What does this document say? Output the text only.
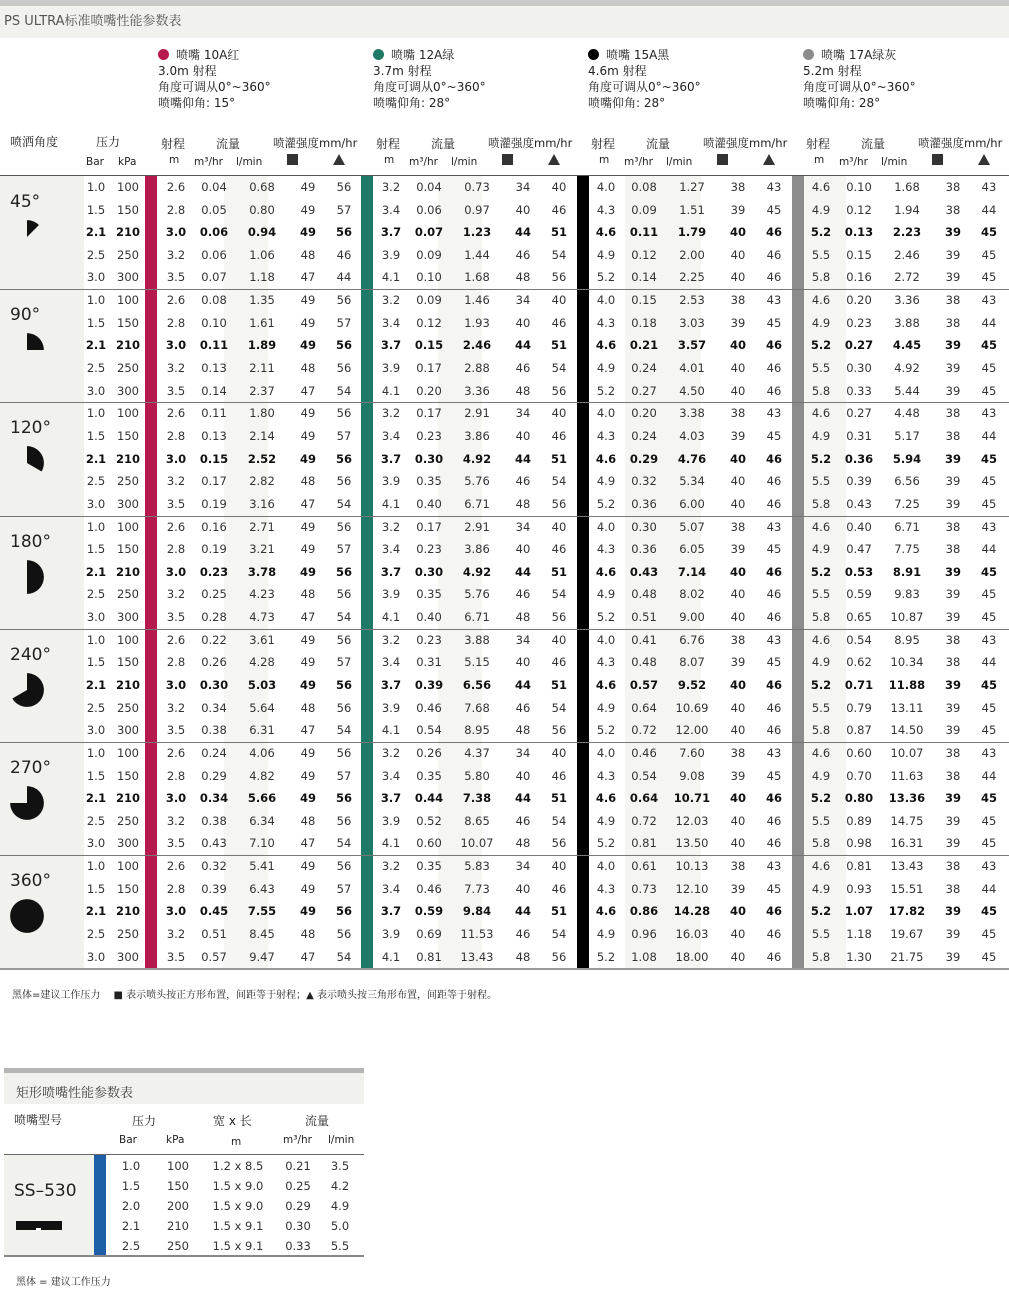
PS ULTRA标准喷嘴性能参数表
喷嘴 10A红
3.0m 射程
角度可调从0°~360°
喷嘴仰角: 15°
喷嘴 12A绿
3.7m 射程
角度可调从0°~360°
喷嘴仰角: 28°
喷嘴 15A黑
4.6m 射程
角度可调从0°~360°
喷嘴仰角: 28°
喷嘴 17A绿灰
5.2m 射程
角度可调从0°~360°
喷嘴仰角: 28°
喷洒角度	压力
Bar kPa
射程	流量	喷灌强度mm/hr
m m³/hr l/min
射程	流量	喷灌强度mm/hr
m m³/hr l/min
射程	流量	喷灌强度mm/hr
m m³/hr l/min
射程	流量	喷灌强度mm/hr
m m³/hr l/min
45°
1.0	100	2.6	0.04	0.68	49	56	3.2	0.04	0.73	34	40	4.0	0.08	1.27	38	43	4.6	0.10	1.68	38	43
1.5	150	2.8	0.05	0.80	49	57	3.4	0.06	0.97	40	46	4.3	0.09	1.51	39	45	4.9	0.12	1.94	38	44
2.1 210	3.0	0.06	0.94	49	56	3.7	0.07	1.23	44	51	4.6	0.11	1.79	40	46	5.2	0.13	2.23	39	45
2.5	250	3.2	0.06	1.06	48	46	3.9	0.09	1.44	46	54	4.9	0.12	2.00	40	46	5.5	0.15	2.46	39	45
3.0	300	3.5	0.07	1.18	47	44	4.1	0.10	1.68	48	56	5.2	0.14	2.25	40	46	5.8	0.16	2.72	39	45
90°
1.0	100	2.6	0.08	1.35	49	56	3.2	0.09	1.46	34	40	4.0	0.15	2.53	38	43	4.6	0.20	3.36	38	43
1.5	150	2.8	0.10	1.61	49	57	3.4	0.12	1.93	40	46	4.3	0.18	3.03	39	45	4.9	0.23	3.88	38	44
2.1 210	3.0	0.11	1.89	49	56	3.7	0.15	2.46	44	51	4.6	0.21	3.57	40	46	5.2	0.27	4.45	39	45
2.5	250	3.2	0.13	2.11	48	56	3.9	0.17	2.88	46	54	4.9	0.24	4.01	40	46	5.5	0.30	4.92	39	45
3.0	300	3.5	0.14	2.37	47	54	4.1	0.20	3.36	48	56	5.2	0.27	4.50	40	46	5.8	0.33	5.44	39	45
120°
1.0	100	2.6	0.11	1.80	49	56	3.2	0.17	2.91	34	40	4.0	0.20	3.38	38	43	4.6	0.27	4.48	38	43
1.5	150	2.8	0.13	2.14	49	57	3.4	0.23	3.86	40	46	4.3	0.24	4.03	39	45	4.9	0.31	5.17	38	44
2.1 210	3.0	0.15	2.52	49	56	3.7	0.30	4.92	44	51	4.6	0.29	4.76	40	46	5.2	0.36	5.94	39	45
2.5	250	3.2	0.17	2.82	48	56	3.9	0.35	5.76	46	54	4.9	0.32	5.34	40	46	5.5	0.39	6.56	39	45
3.0	300	3.5	0.19	3.16	47	54	4.1	0.40	6.71	48	56	5.2	0.36	6.00	40	46	5.8	0.43	7.25	39	45
180°
1.0	100	2.6	0.16	2.71	49	56	3.2	0.17	2.91	34	40	4.0	0.30	5.07	38	43	4.6	0.40	6.71	38	43
1.5	150	2.8	0.19	3.21	49	57	3.4	0.23	3.86	40	46	4.3	0.36	6.05	39	45	4.9	0.47	7.75	38	44
2.1 210	3.0	0.23	3.78	49	56	3.7	0.30	4.92	44	51	4.6	0.43	7.14	40	46	5.2	0.53	8.91	39	45
2.5	250	3.2	0.25	4.23	48	56	3.9	0.35	5.76	46	54	4.9	0.48	8.02	40	46	5.5	0.59	9.83	39	45
3.0	300	3.5	0.28	4.73	47	54	4.1	0.40	6.71	48	56	5.2	0.51	9.00	40	46	5.8	0.65	10.87	39	45
240°
1.0	100	2.6	0.22	3.61	49	56	3.2	0.23	3.88	34	40	4.0	0.41	6.76	38	43	4.6	0.54	8.95	38	43
1.5	150	2.8	0.26	4.28	49	57	3.4	0.31	5.15	40	46	4.3	0.48	8.07	39	45	4.9	0.62	10.34	38	44
2.1 210	3.0	0.30	5.03	49	56	3.7	0.39	6.56	44	51	4.6	0.57	9.52	40	46	5.2	0.71	11.88	39	45
2.5	250	3.2	0.34	5.64	48	56	3.9	0.46	7.68	46	54	4.9	0.64	10.69	40	46	5.5	0.79	13.11	39	45
3.0	300	3.5	0.38	6.31	47	54	4.1	0.54	8.95	48	56	5.2	0.72	12.00	40	46	5.8	0.87	14.50	39	45
270°
1.0	100	2.6	0.24	4.06	49	56	3.2	0.26	4.37	34	40	4.0	0.46	7.60	38	43	4.6	0.60	10.07	38	43
1.5	150	2.8	0.29	4.82	49	57	3.4	0.35	5.80	40	46	4.3	0.54	9.08	39	45	4.9	0.70	11.63	38	44
2.1 210	3.0	0.34	5.66	49	56	3.7	0.44	7.38	44	51	4.6	0.64	10.71	40	46	5.2	0.80	13.36	39	45
2.5	250	3.2	0.38	6.34	48	56	3.9	0.52	8.65	46	54	4.9	0.72	12.03	40	46	5.5	0.89	14.75	39	45
3.0	300	3.5	0.43	7.10	47	54	4.1	0.60	10.07	48	56	5.2	0.81	13.50	40	46	5.8	0.98	16.31	39	45
360°
1.0	100	2.6	0.32	5.41	49	56	3.2	0.35	5.83	34	40	4.0	0.61	10.13	38	43	4.6	0.81	13.43	38	43
1.5	150	2.8	0.39	6.43	49	57	3.4	0.46	7.73	40	46	4.3	0.73	12.10	39	45	4.9	0.93	15.51	38	44
2.1 210	3.0	0.45	7.55	49	56	3.7	0.59	9.84	44	51	4.6	0.86	14.28	40	46	5.2	1.07	17.82	39	45
2.5	250	3.2	0.51	8.45	48	56	3.9	0.69	11.53	46	54	4.9	0.96	16.03	40	46	5.5	1.18	19.67	39	45
3.0	300	3.5	0.57	9.47	47	54	4.1	0.81	13.43	48	56	5.2	1.08	18.00	40	46	5.8	1.30	21.75	39	45
黑体=建议工作压力　 ■ 表示喷头按正方形布置，间距等于射程；▲ 表示喷头按三角形布置，间距等于射程。
矩形喷嘴性能参数表
喷嘴型号	压力	宽 x 长	流量
Bar	kPa	m	m³/hr l/min
SS–530
1.0	100	1.2 x 8.5	0.21	3.5
1.5	150	1.5 x 9.0	0.25	4.2
2.0	200	1.5 x 9.0	0.29	4.9
2.1	210	1.5 x 9.1	0.30	5.0
2.5	250	1.5 x 9.1	0.33	5.5
黑体 = 建议工作压力
